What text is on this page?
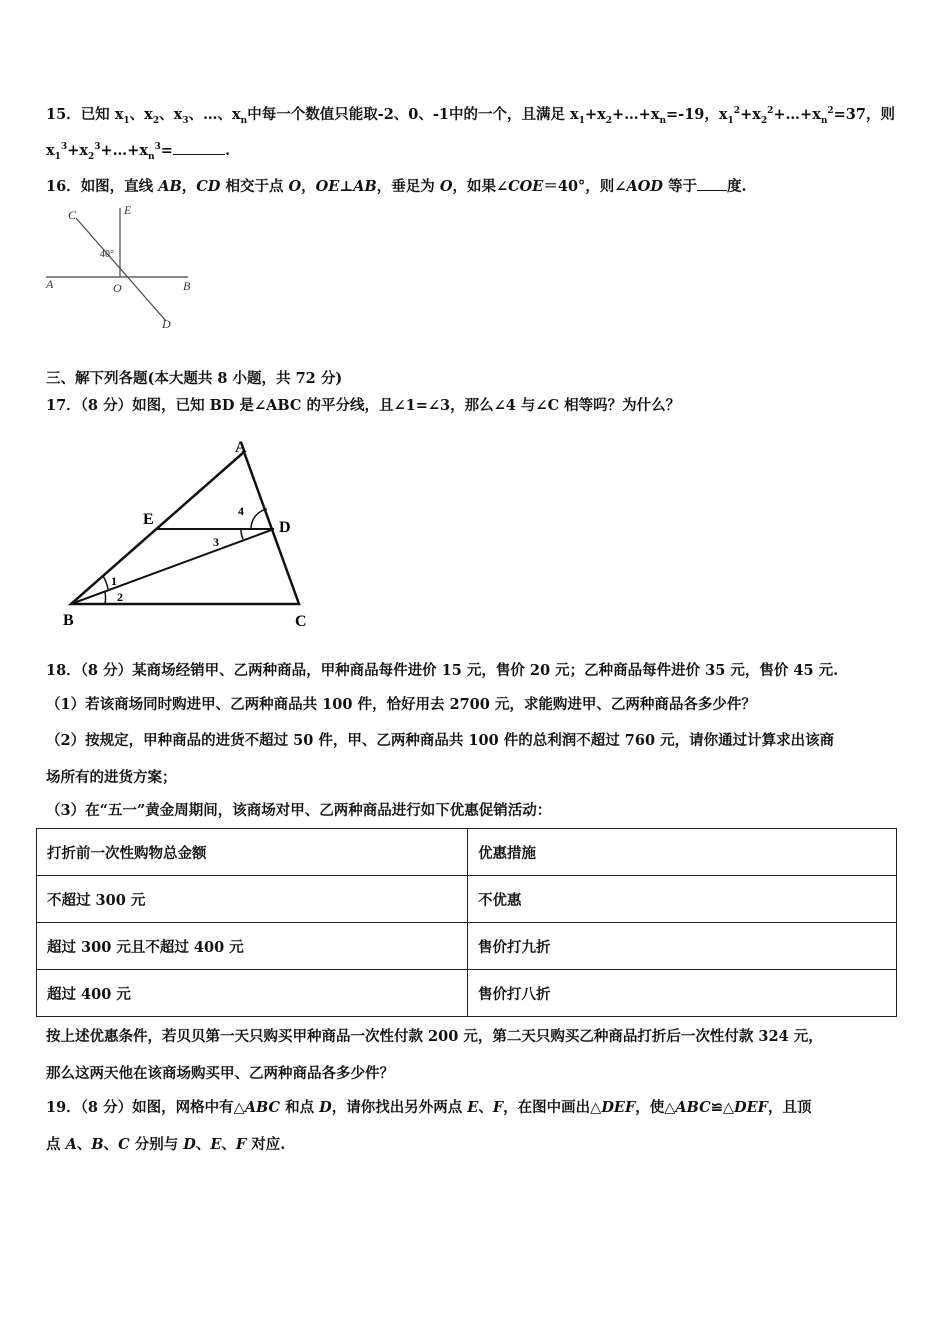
15．已知 $x_1$、$x_2$、$x_3$、…、$x_n$中每一个数值只能取-2、0、-1中的一个，且满足 $x_1+x_2+\dots+x_n=-19$，$x_1^2+x_2^2+\dots+x_n^2=37$，则
$x_1^3+x_2^3+\dots+x_n^3=$	.
16．如图，直线 AB，CD 相交于点 O，OE⊥AB，垂足为 O，如果∠COE＝40°，则∠AOD 等于 度.
C	E
40°
A	O	B
D
三、解下列各题(本大题共 8 小题，共 72 分)
17．（8 分）如图，已知 BD 是∠ABC 的平分线，且∠1=∠3，那么∠4 与∠C 相等吗？为什么？
A
E	D
B	C
1
2
3
4
18．（8 分）某商场经销甲、乙两种商品，甲种商品每件进价 15 元，售价 20 元；乙种商品每件进价 35 元，售价 45 元.
（1）若该商场同时购进甲、乙两种商品共 100 件，恰好用去 2700 元，求能购进甲、乙两种商品各多少件？
（2）按规定，甲种商品的进货不超过 50 件，甲、乙两种商品共 100 件的总利润不超过 760 元，请你通过计算求出该商
场所有的进货方案；
（3）在“五一”黄金周期间，该商场对甲、乙两种商品进行如下优惠促销活动：
打折前一次性购物总金额	优惠措施
不超过 300 元	不优惠
超过 300 元且不超过 400 元	售价打九折
超过 400 元	售价打八折
按上述优惠条件，若贝贝第一天只购买甲种商品一次性付款 200 元，第二天只购买乙种商品打折后一次性付款 324 元，
那么这两天他在该商场购买甲、乙两种商品各多少件？
19．（8 分）如图，网格中有△ABC 和点 D，请你找出另外两点 E、F，在图中画出△DEF，使△ABC≌△DEF，且顶
点 A、B、C 分别与 D、E、F 对应.
